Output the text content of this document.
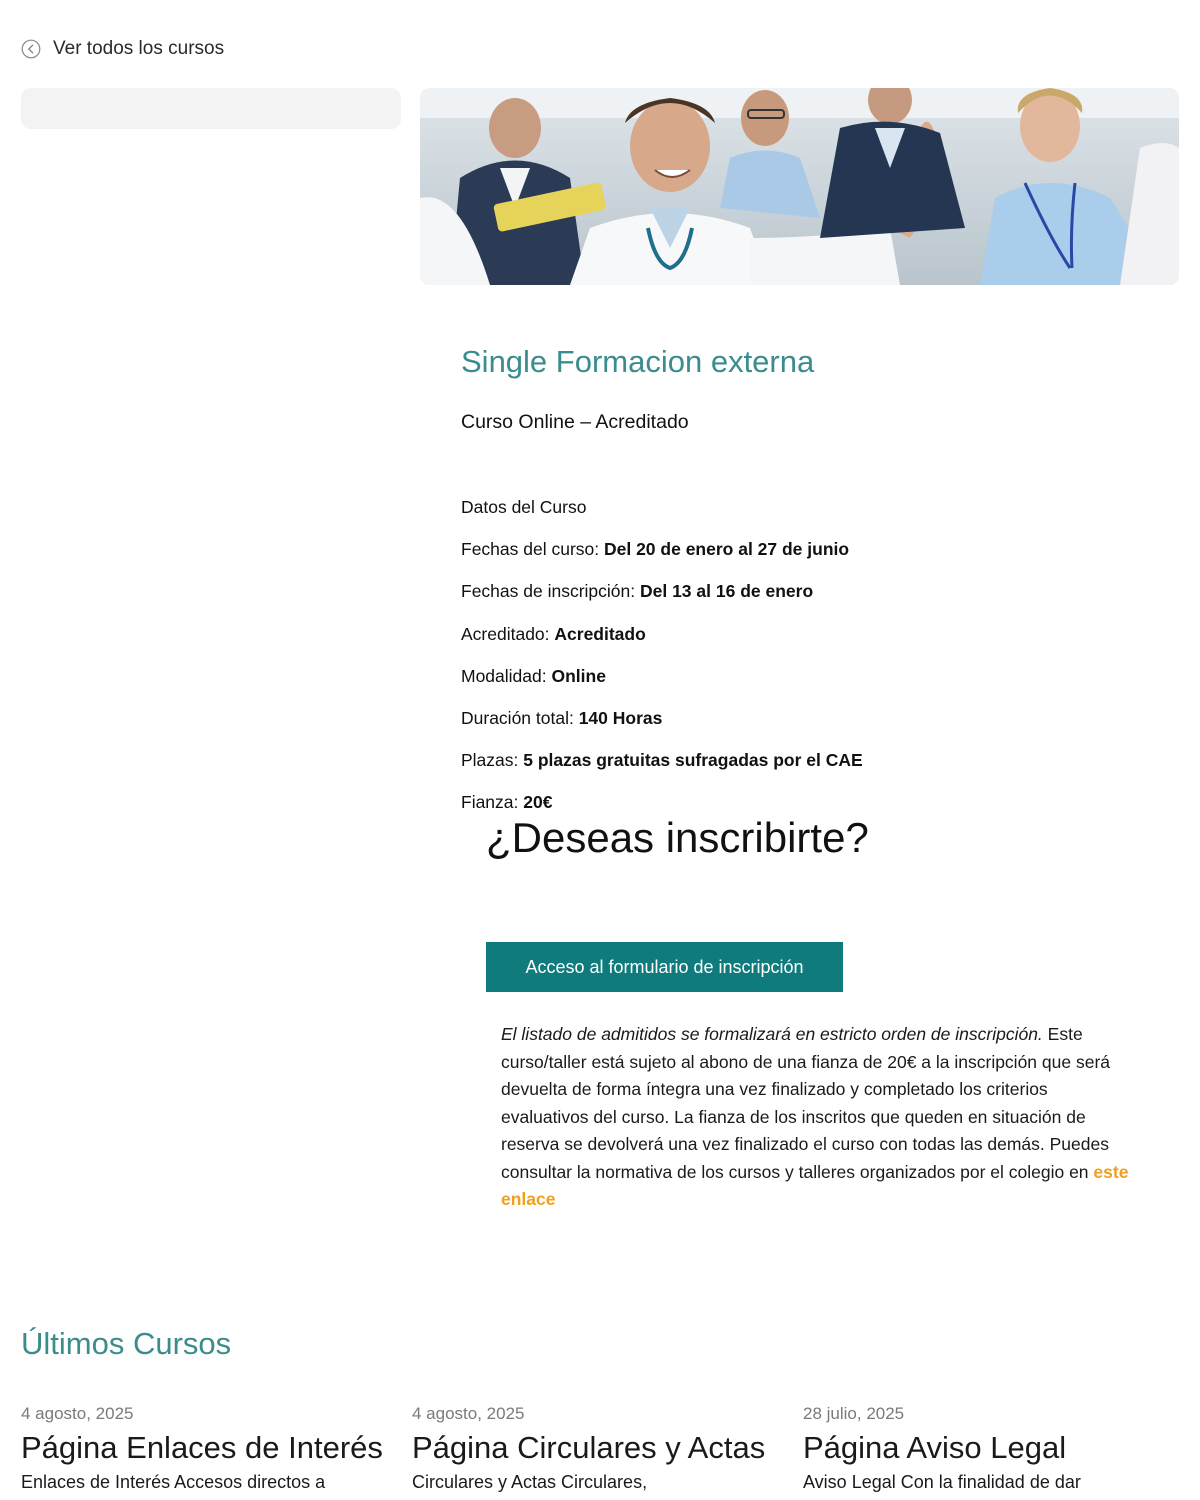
Ver todos los cursos
Single Formacion externa
Curso Online – Acreditado
Datos del Curso
Fechas del curso: Del 20 de enero al 27 de junio
Fechas de inscripción: Del 13 al 16 de enero
Acreditado: Acreditado
Modalidad: Online
Duración total: 140 Horas
Plazas: 5 plazas gratuitas sufragadas por el CAE
Fianza: 20€
¿Deseas inscribirte?
Acceso al formulario de inscripción

El listado de admitidos se formalizará en estricto orden de inscripción. Este curso/taller está sujeto al abono de una fianza de 20€ a la inscripción que será devuelta de forma íntegra una vez finalizado y completado los criterios evaluativos del curso. La fianza de los inscritos que queden en situación de reserva se devolverá una vez finalizado el curso con todas las demás. Puedes consultar la normativa de los cursos y talleres organizados por el colegio en este enlace

Últimos Cursos
4 agosto, 2025
Página Enlaces de Interés
Enlaces de Interés Accesos directos a
4 agosto, 2025
Página Circulares y Actas
Circulares y Actas Circulares,
28 julio, 2025
Página Aviso Legal
Aviso Legal Con la finalidad de dar
